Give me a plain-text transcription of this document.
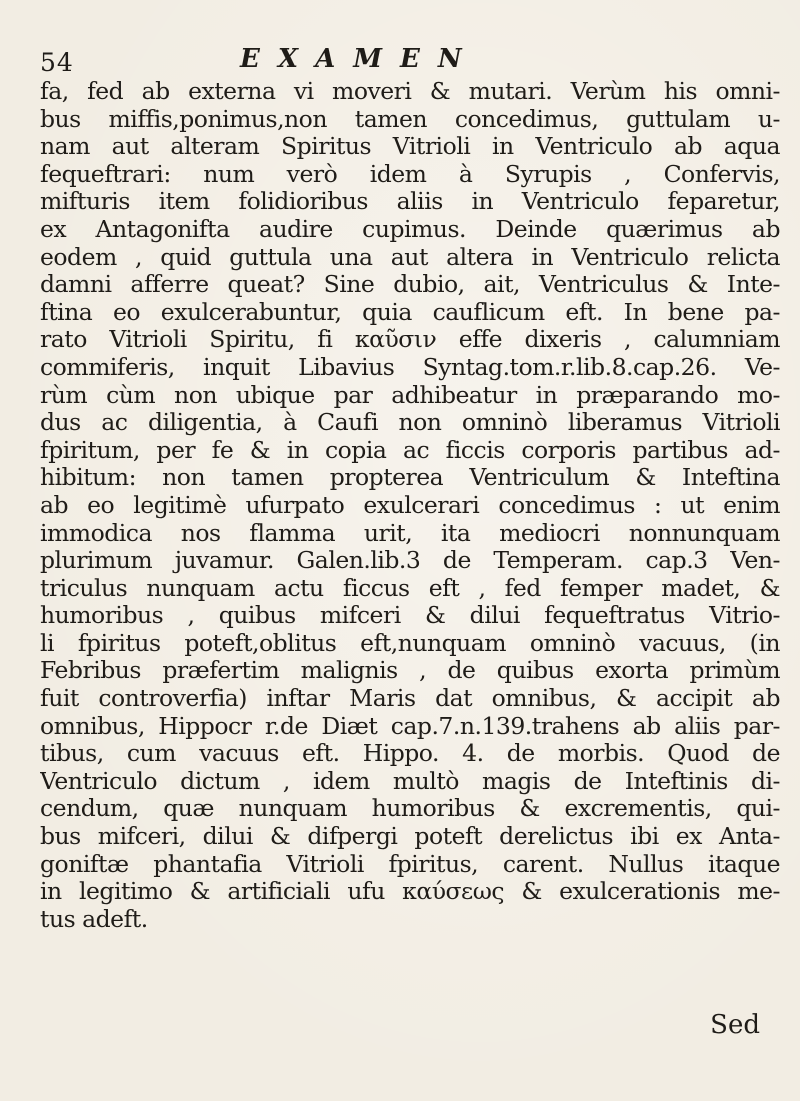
54	EXAMEN
fa, fed ab externa vi moveri & mutari. Verùm his omni-
bus miffis,ponimus,non tamen concedimus, guttulam u-
nam aut alteram Spiritus Vitrioli in Ventriculo ab aqua
fequeftrari: num verò idem à Syrupis , Confervis,
mifturis item folidioribus aliis in Ventriculo feparetur,
ex Antagonifta audire cupimus. Deinde quærimus ab
eodem , quid guttula una aut altera in Ventriculo relicta
damni afferre queat? Sine dubio, ait, Ventriculus & Inte-
ftina eo exulcerabuntur, quia cauflicum eft. In bene pa-
rato Vitrioli Spiritu, fi καῦσιν effe dixeris , calumniam
commiferis, inquit Libavius Syntag.tom.r.lib.8.cap.26. Ve-
rùm cùm non ubique par adhibeatur in præparando mo-
dus ac diligentia, à Caufi non omninò liberamus Vitrioli
fpiritum, per fe & in copia ac ficcis corporis partibus ad-
hibitum: non tamen propterea Ventriculum & Inteftina
ab eo legitimè ufurpato exulcerari concedimus : ut enim
immodica nos flamma urit, ita mediocri nonnunquam
plurimum juvamur. Galen.lib.3 de Temperam. cap.3 Ven-
triculus nunquam actu ficcus eft , fed femper madet, &
humoribus , quibus mifceri & dilui fequeftratus Vitrio-
li fpiritus poteft,oblitus eft,nunquam omninò vacuus, (in
Febribus præfertim malignis , de quibus exorta primùm
fuit controverfia) inftar Maris dat omnibus, & accipit ab
omnibus, Hippocr r.de Diæt cap.7.n.139.trahens ab aliis par-
tibus, cum vacuus eft. Hippo. 4. de morbis. Quod de
Ventriculo dictum , idem multò magis de Inteftinis di-
cendum, quæ nunquam humoribus & excrementis, qui-
bus mifceri, dilui & difpergi poteft derelictus ibi ex Anta-
goniftæ phantafia Vitrioli fpiritus, carent. Nullus itaque
in legitimo & artificiali ufu καύσεως & exulcerationis me-
tus adeft.
Sed
